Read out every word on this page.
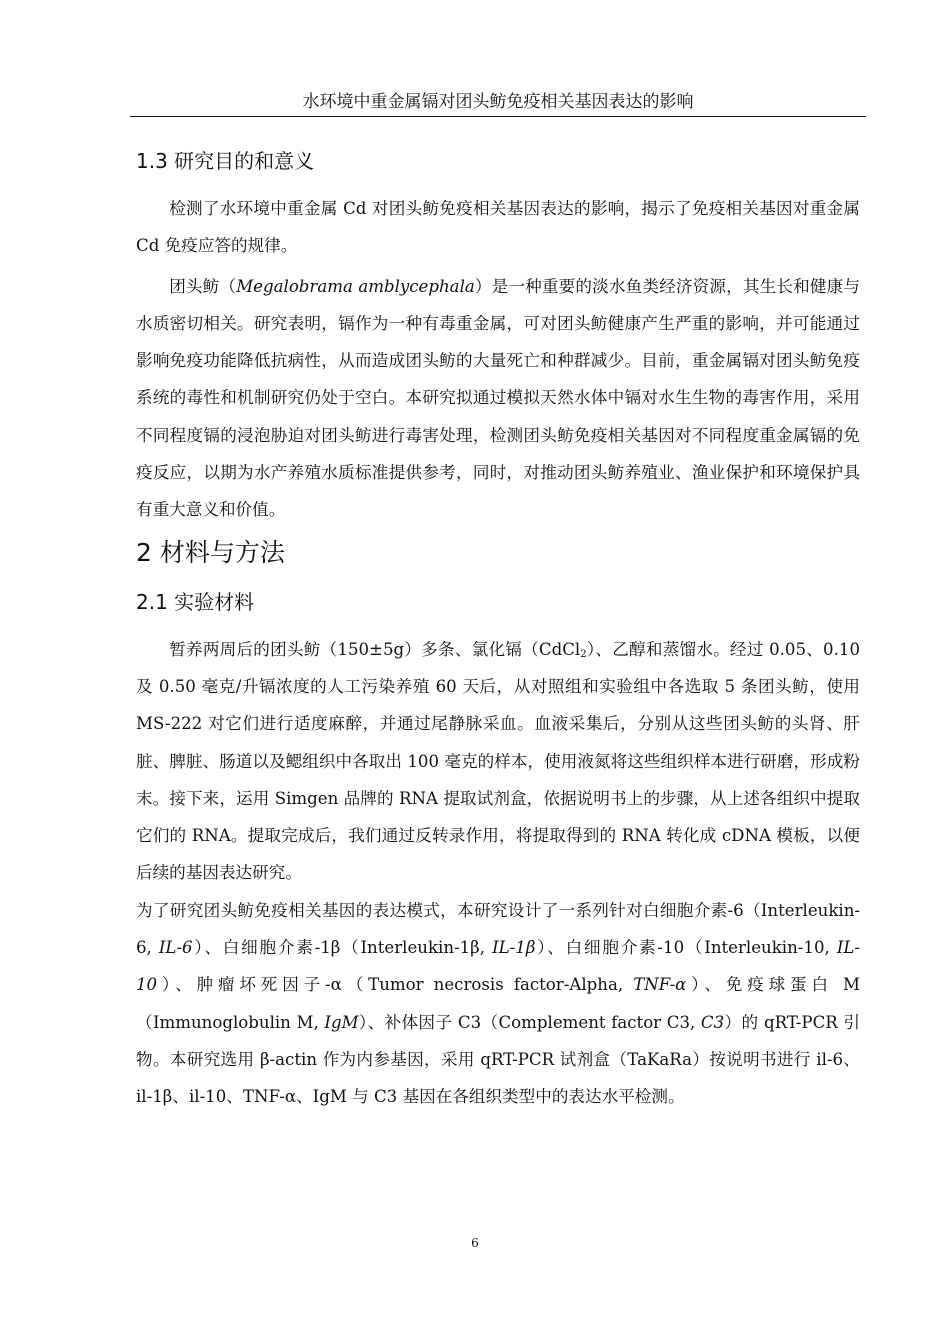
水环境中重金属镉对团头鲂免疫相关基因表达的影响
1.3 研究目的和意义

检测了水环境中重金属 Cd 对团头鲂免疫相关基因表达的影响，揭示了免疫相关基因对重金属 Cd 免疫应答的规律。

团头鲂（Megalobrama amblycephala）是一种重要的淡水鱼类经济资源，其生长和健康与水质密切相关。研究表明，镉作为一种有毒重金属，可对团头鲂健康产生严重的影响，并可能通过影响免疫功能降低抗病性，从而造成团头鲂的大量死亡和种群减少。目前，重金属镉对团头鲂免疫系统的毒性和机制研究仍处于空白。本研究拟通过模拟天然水体中镉对水生生物的毒害作用，采用不同程度镉的浸泡胁迫对团头鲂进行毒害处理，检测团头鲂免疫相关基因对不同程度重金属镉的免疫反应，以期为水产养殖水质标准提供参考，同时，对推动团头鲂养殖业、渔业保护和环境保护具有重大意义和价值。

2 材料与方法
2.1 实验材料

暂养两周后的团头鲂（150±5g）多条、氯化镉（CdCl$_2$）、乙醇和蒸馏水。经过 0.05、0.10 及 0.50 毫克/升镉浓度的人工污染养殖 60 天后，从对照组和实验组中各选取 5 条团头鲂，使用 MS-222 对它们进行适度麻醉，并通过尾静脉采血。血液采集后，分别从这些团头鲂的头肾、肝脏、脾脏、肠道以及鳃组织中各取出 100 毫克的样本，使用液氮将这些组织样本进行研磨，形成粉末。接下来，运用 Simgen 品牌的 RNA 提取试剂盒，依据说明书上的步骤，从上述各组织中提取它们的 RNA。提取完成后，我们通过反转录作用，将提取得到的 RNA 转化成 cDNA 模板，以便后续的基因表达研究。

为了研究团头鲂免疫相关基因的表达模式，本研究设计了一系列针对白细胞介素-6（Interleukin-6, IL-6）、白细胞介素-1β（Interleukin-1β, IL-1β）、白细胞介素-10（Interleukin-10, IL-10）、肿瘤坏死因子-α（Tumor necrosis factor-Alpha, TNF-α）、免疫球蛋白 M（Immunoglobulin M, IgM）、补体因子 C3（Complement factor C3, C3）的 qRT-PCR 引物。本研究选用 β-actin 作为内参基因，采用 qRT-PCR 试剂盒（TaKaRa）按说明书进行 il-6、il-1β、il-10、TNF-α、IgM 与 C3 基因在各组织类型中的表达水平检测。

6
